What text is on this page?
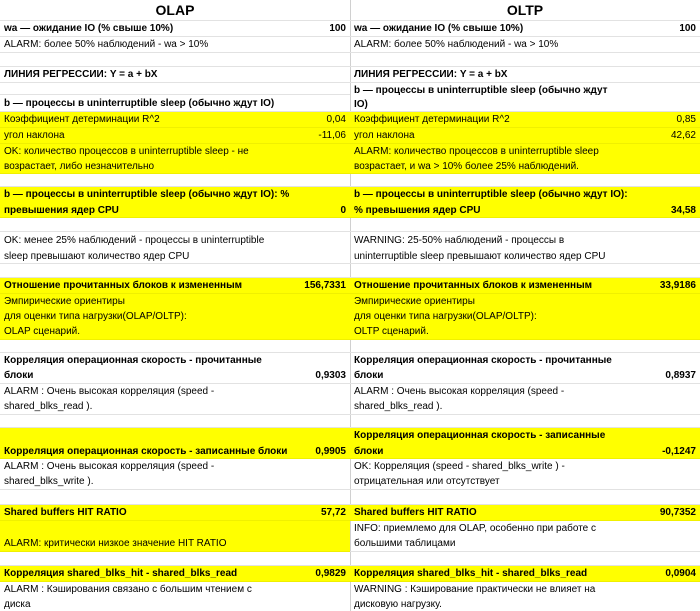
OLAP
wa — ожидание IO (% свыше 10%)	100
ALARM: более 50% наблюдений - wa > 10%
ЛИНИЯ РЕГРЕССИИ: Y = a + bX
b — процессы в uninterruptible sleep (обычно ждут IO)
Коэффициент детерминации R^2	0,04
угол наклона	-11,06
OK: количество процессов в uninterruptible sleep - не
возрастает, либо незначительно
b — процессы в uninterruptible sleep (обычно ждут IO): %
превышения ядер CPU	0
OK: менее 25% наблюдений - процессы в uninterruptible
sleep превышают количество ядер CPU
Отношение прочитанных блоков к измененным	156,7331
Эмпирические ориентиры
для оценки типа нагрузки(OLAP/OLTP):
OLAP сценарий.
Корреляция операционная скорость - прочитанные
блоки	0,9303
ALARM : Очень высокая корреляция (speed -
shared_blks_read ).
Корреляция операционная скорость - записанные блоки	0,9905
ALARM : Очень высокая корреляция (speed -
shared_blks_write ).
Shared buffers HIT RATIO	57,72
ALARM: критически низкое значение HIT RATIO
Корреляция shared_blks_hit - shared_blks_read	0,9829
ALARM : Кэширования связано с большим чтением с
диска
OLTP
wa — ожидание IO (% свыше 10%)	100
ALARM: более 50% наблюдений - wa > 10%
ЛИНИЯ РЕГРЕССИИ: Y = a + bX
b — процессы в uninterruptible sleep (обычно ждут
IO)
Коэффициент детерминации R^2	0,85
угол наклона	42,62
ALARM: количество процессов в uninterruptible sleep
возрастает, и wa > 10% более 25% наблюдений.
b — процессы в uninterruptible sleep (обычно ждут IO):
% превышения ядер CPU	34,58
WARNING: 25-50% наблюдений - процессы в
uninterruptible sleep превышают количество ядер CPU
Отношение прочитанных блоков к измененным	33,9186
Эмпирические ориентиры
для оценки типа нагрузки(OLAP/OLTP):
OLTP сценарий.
Корреляция операционная скорость - прочитанные
блоки	0,8937
ALARM : Очень высокая корреляция (speed -
shared_blks_read ).
Корреляция операционная скорость - записанные
блоки	-0,1247
OK: Корреляция (speed - shared_blks_write ) -
отрицательная или отсутствует
Shared buffers HIT RATIO	90,7352
INFO: приемлемо для OLAP, особенно при работе с
большими таблицами
Корреляция shared_blks_hit - shared_blks_read	0,0904
WARNING : Кэширование практически не влияет на
дисковую нагрузку.
